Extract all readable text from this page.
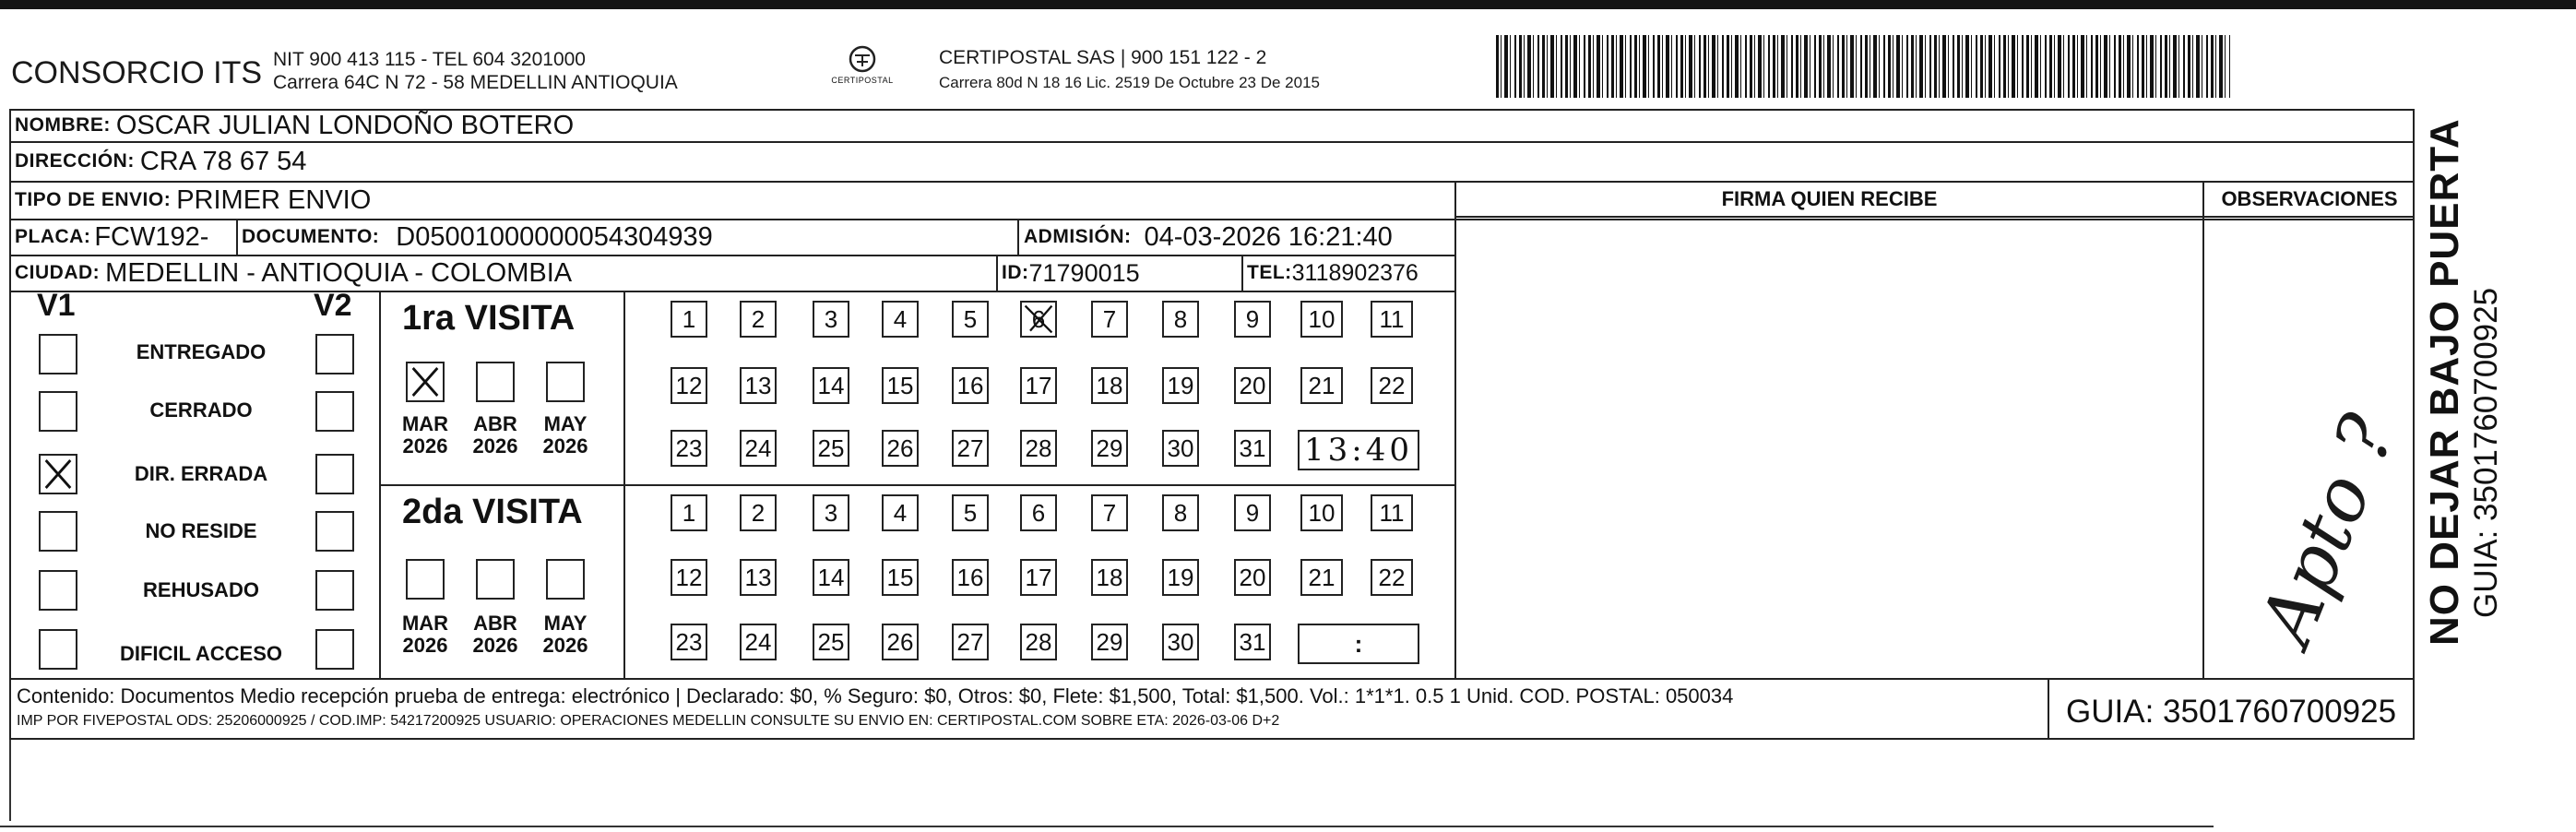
CONSORCIO ITS NIT 900 413 115 - TEL 604 3201000
Carrera 64C N 72 - 58 MEDELLIN ANTIOQUIA	CERTIPOSTAL
CERTIPOSTAL SAS | 900 151 122 - 2
Carrera 80d N 18 16 Lic. 2519 De Octubre 23 De 2015
NOMBRE: OSCAR JULIAN LONDOÑO BOTERO
DIRECCIÓN: CRA 78 67 54
TIPO DE ENVIO: PRIMER ENVIO	FIRMA QUIEN RECIBE	OBSERVACIONES
PLACA: FCW192- DOCUMENTO: D05001000000054304939	ADMISIÓN: 04-03-2026 16:21:40
CIUDAD: MEDELLIN - ANTIOQUIA - COLOMBIA	ID: 71790015	TEL: 3118902376
V1	V2
ENTREGADO
CERRADO
DIR. ERRADA
NO RESIDE
REHUSADO
DIFICIL ACCESO
1ra VISITA
MAR
2026
ABR
2026
MAY
2026
1	2	3	4	5	6	7	8	9	10	11
12 13 14 15 16 17 18 19 20	21	22
23 24 25 26 27 28 29 30 31 13:40
2da VISITA
MAR
2026
ABR
2026
MAY
2026
1	2	3	4	5	6	7	8	9	10	11
12 13 14 15 16 17 18 19 20	21	22
23 24 25 26 27 28 29 30 31	:	Apto ?
Contenido: Documentos Medio recepción prueba de entrega: electrónico | Declarado: $0, % Seguro: $0, Otros: $0, Flete: $1,500, Total: $1,500. Vol.: 1*1*1. 0.5 1 Unid. COD. POSTAL: 050034
IMP POR FIVEPOSTAL ODS: 25206000925 / COD.IMP: 54217200925 USUARIO: OPERACIONES MEDELLIN CONSULTE SU ENVIO EN: CERTIPOSTAL.COM SOBRE ETA: 2026-03-06 D+2	GUIA: 3501760700925
NO DEJAR BAJO PUERTA GUIA: 3501760700925
